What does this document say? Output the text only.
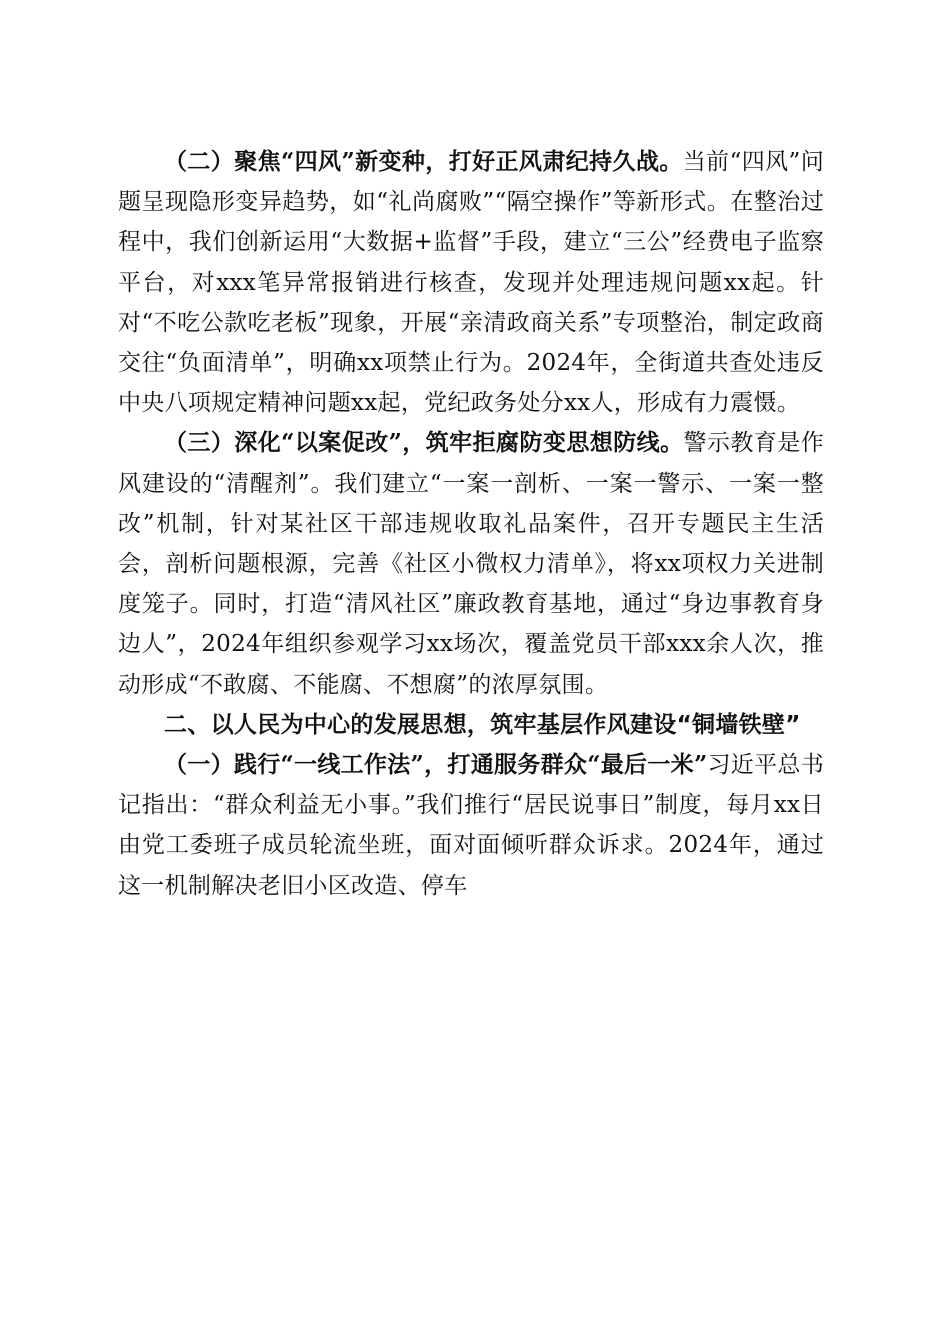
（二）聚焦“四风”新变种，打好正风肃纪持久战。当前“四风”问题呈现隐形变异趋势，如“礼尚腐败”“隔空操作”等新形式。在整治过程中，我们创新运用“大数据+监督”手段，建立“三公”经费电子监察平台，对xxx笔异常报销进行核查，发现并处理违规问题xx起。针对“不吃公款吃老板”现象，开展“亲清政商关系”专项整治，制定政商交往“负面清单”，明确xx项禁止行为。2024年，全街道共查处违反中央八项规定精神问题xx起，党纪政务处分xx人，形成有力震慑。

（三）深化“以案促改”，筑牢拒腐防变思想防线。警示教育是作风建设的“清醒剂”。我们建立“一案一剖析、一案一警示、一案一整改”机制，针对某社区干部违规收取礼品案件，召开专题民主生活会，剖析问题根源，完善《社区小微权力清单》，将xx项权力关进制度笼子。同时，打造“清风社区”廉政教育基地，通过“身边事教育身边人”，2024年组织参观学习xx场次，覆盖党员干部xxx余人次，推动形成“不敢腐、不能腐、不想腐”的浓厚氛围。

二、以人民为中心的发展思想，筑牢基层作风建设“铜墙铁壁”

（一）践行“一线工作法”，打通服务群众“最后一米”习近平总书记指出：“群众利益无小事。”我们推行“居民说事日”制度，每月xx日由党工委班子成员轮流坐班，面对面倾听群众诉求。2024年，通过这一机制解决老旧小区改造、停车
